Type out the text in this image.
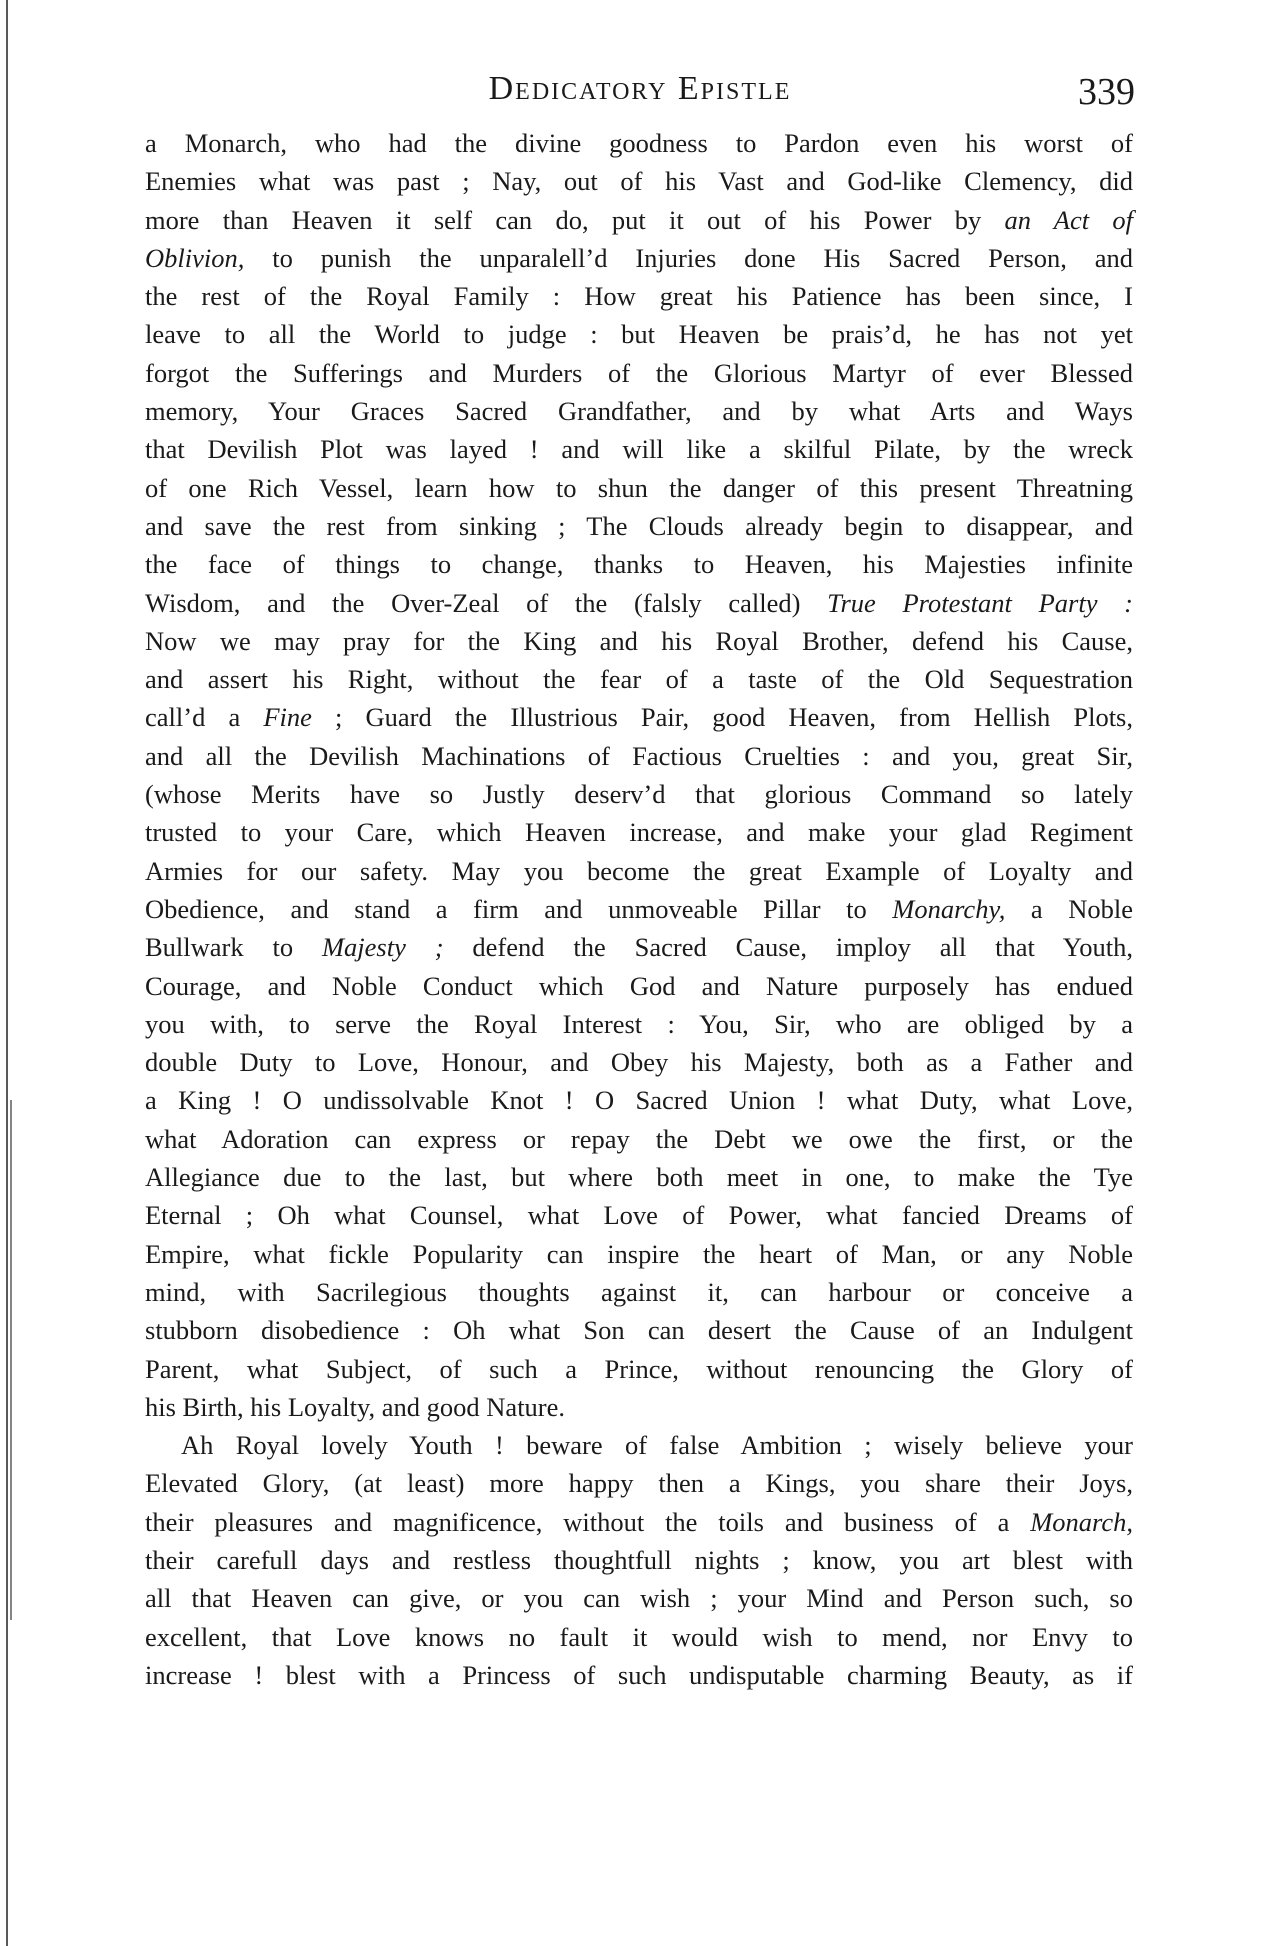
Dedicatory Epistle	339
a Monarch, who had the divine goodness to Pardon even his worst of
Enemies what was past ; Nay, out of his Vast and God-like Clemency, did
more than Heaven it self can do, put it out of his Power by an Act of
Oblivion, to punish the unparalell’d Injuries done His Sacred Person, and
the rest of the Royal Family : How great his Patience has been since, I
leave to all the World to judge : but Heaven be prais’d, he has not yet
forgot the Sufferings and Murders of the Glorious Martyr of ever Blessed
memory, Your Graces Sacred Grandfather, and by what Arts and Ways
that Devilish Plot was layed ! and will like a skilful Pilate, by the wreck
of one Rich Vessel, learn how to shun the danger of this present Threatning
and save the rest from sinking ; The Clouds already begin to disappear, and
the face of things to change, thanks to Heaven, his Majesties infinite
Wisdom, and the Over-Zeal of the (falsly called) True Protestant Party :
Now we may pray for the King and his Royal Brother, defend his Cause,
and assert his Right, without the fear of a taste of the Old Sequestration
call’d a Fine ; Guard the Illustrious Pair, good Heaven, from Hellish Plots,
and all the Devilish Machinations of Factious Cruelties : and you, great Sir,
(whose Merits have so Justly deserv’d that glorious Command so lately
trusted to your Care, which Heaven increase, and make your glad Regiment
Armies for our safety. May you become the great Example of Loyalty and
Obedience, and stand a firm and unmoveable Pillar to Monarchy, a Noble
Bullwark to Majesty ; defend the Sacred Cause, imploy all that Youth,
Courage, and Noble Conduct which God and Nature purposely has endued
you with, to serve the Royal Interest : You, Sir, who are obliged by a
double Duty to Love, Honour, and Obey his Majesty, both as a Father and
a King ! O undissolvable Knot ! O Sacred Union ! what Duty, what Love,
what Adoration can express or repay the Debt we owe the first, or the
Allegiance due to the last, but where both meet in one, to make the Tye
Eternal ; Oh what Counsel, what Love of Power, what fancied Dreams of
Empire, what fickle Popularity can inspire the heart of Man, or any Noble
mind, with Sacrilegious thoughts against it, can harbour or conceive a
stubborn disobedience : Oh what Son can desert the Cause of an Indulgent
Parent, what Subject, of such a Prince, without renouncing the Glory of
his Birth, his Loyalty, and good Nature.
Ah Royal lovely Youth ! beware of false Ambition ; wisely believe your
Elevated Glory, (at least) more happy then a Kings, you share their Joys,
their pleasures and magnificence, without the toils and business of a Monarch,
their carefull days and restless thoughtfull nights ; know, you art blest with
all that Heaven can give, or you can wish ; your Mind and Person such, so
excellent, that Love knows no fault it would wish to mend, nor Envy to
increase ! blest with a Princess of such undisputable charming Beauty, as if
